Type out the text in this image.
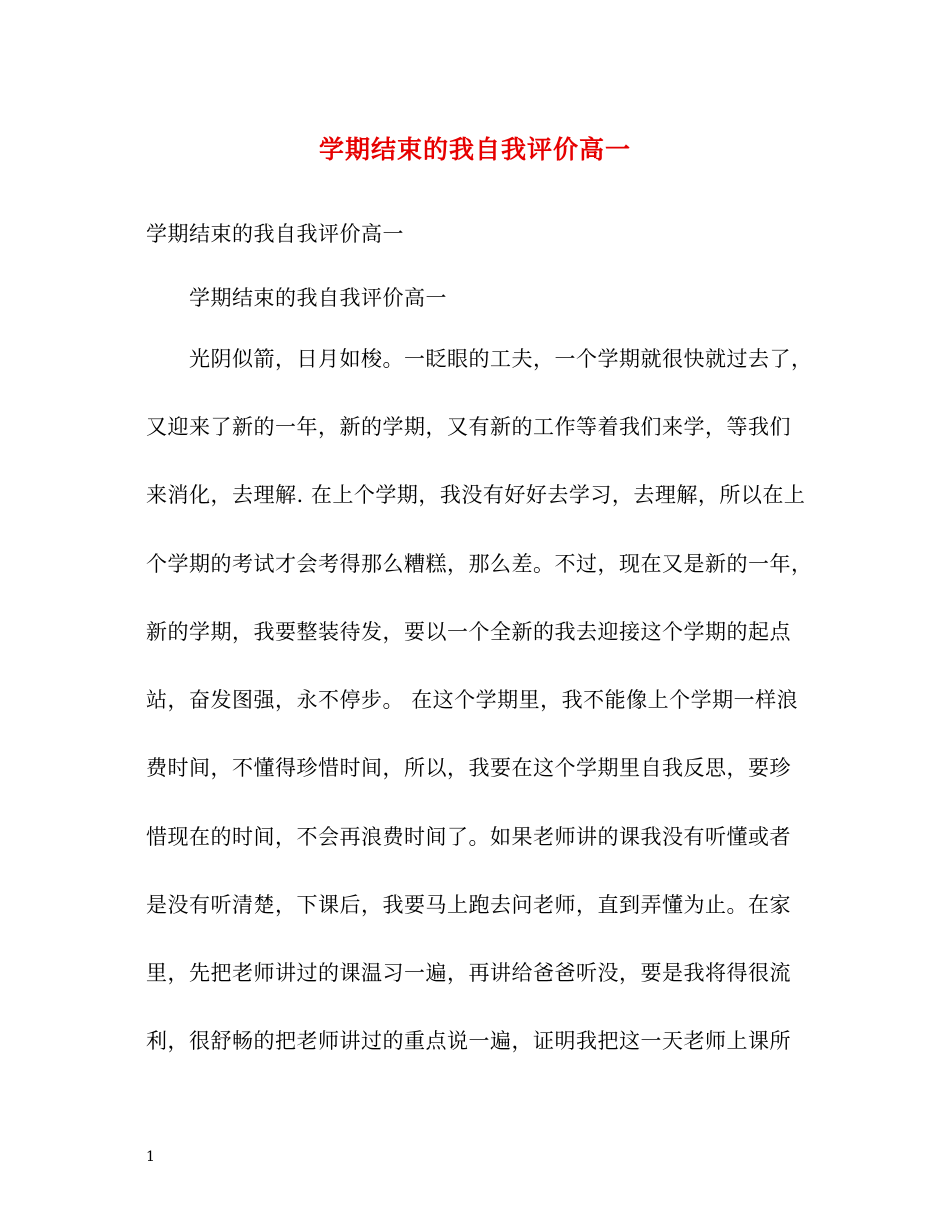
学期结束的我自我评价高一
学期结束的我自我评价高一
学期结束的我自我评价高一
光阴似箭，日月如梭。一眨眼的工夫，一个学期就很快就过去了，
又迎来了新的一年，新的学期，又有新的工作等着我们来学，等我们
来消化，去理解. 在上个学期，我没有好好去学习，去理解，所以在上
个学期的考试才会考得那么糟糕，那么差。不过，现在又是新的一年，
新的学期，我要整装待发，要以一个全新的我去迎接这个学期的起点
站，奋发图强，永不停步。 在这个学期里，我不能像上个学期一样浪
费时间，不懂得珍惜时间，所以，我要在这个学期里自我反思，要珍
惜现在的时间，不会再浪费时间了。如果老师讲的课我没有听懂或者
是没有听清楚，下课后，我要马上跑去问老师，直到弄懂为止。在家
里，先把老师讲过的课温习一遍，再讲给爸爸听没，要是我将得很流
利，很舒畅的把老师讲过的重点说一遍，证明我把这一天老师上课所
1
